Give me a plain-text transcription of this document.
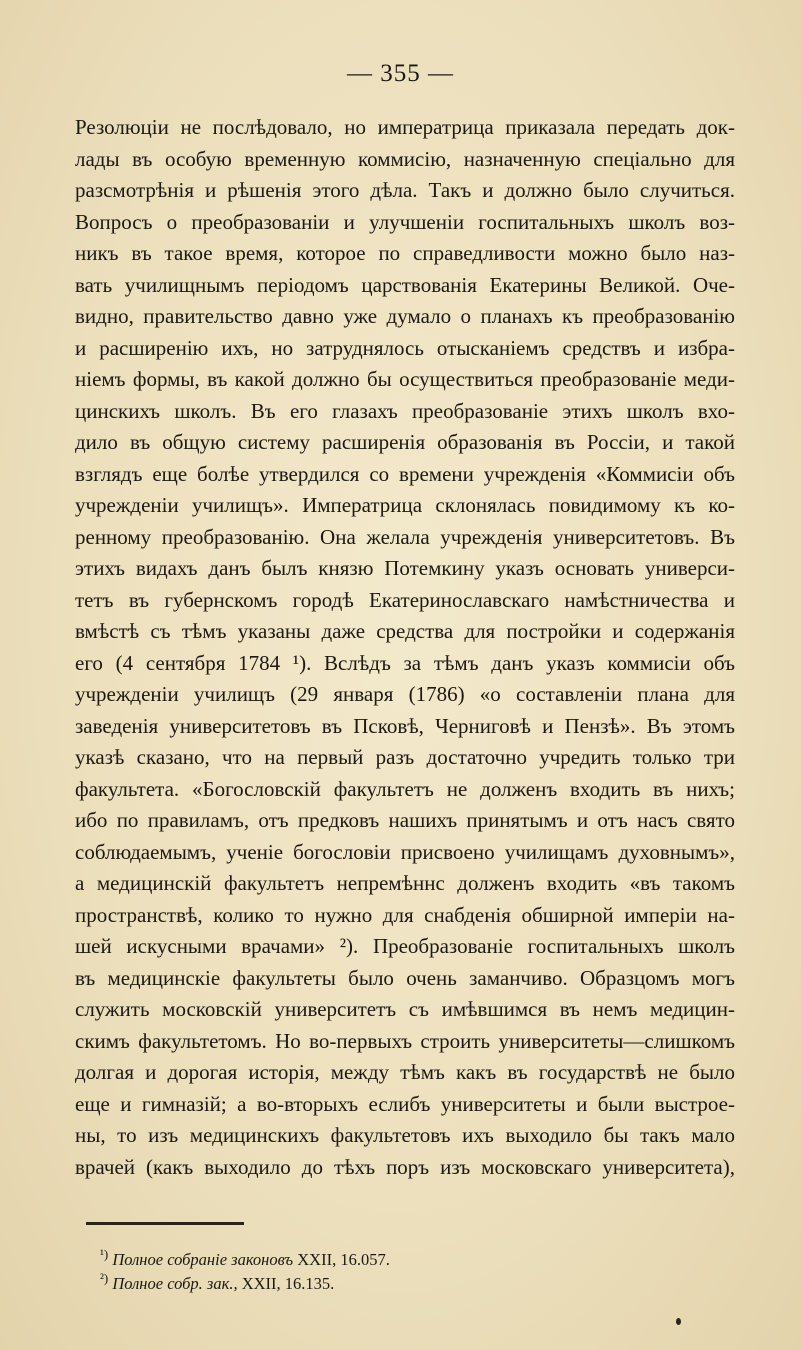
— 355 —
Резолюціи не послѣдовало, но императрица приказала передать док-
лады въ особую временную коммисію, назначенную спеціально для
разсмотрѣнія и рѣшенія этого дѣла. Такъ и должно было случиться.
Вопросъ о преобразованіи и улучшеніи госпитальныхъ школъ воз-
никъ въ такое время, которое по справедливости можно было наз-
вать училищнымъ періодомъ царствованія Екатерины Великой. Оче-
видно, правительство давно уже думало о планахъ къ преобразованію
и расширенію ихъ, но затруднялось отысканіемъ средствъ и избра-
ніемъ формы, въ какой должно бы осуществиться преобразованіе меди-
цинскихъ школъ. Въ его глазахъ преобразованіе этихъ школъ вхо-
дило въ общую систему расширенія образованія въ Россіи, и такой
взглядъ еще болѣе утвердился со времени учрежденія «Коммисіи объ
учрежденіи училищъ». Императрица склонялась повидимому къ ко-
ренному преобразованію. Она желала учрежденія университетовъ. Въ
этихъ видахъ данъ былъ князю Потемкину указъ основать универси-
тетъ въ губернскомъ городѣ Екатеринославскаго намѣстничества и
вмѣстѣ съ тѣмъ указаны даже средства для постройки и содержанія
его (4 сентября 1784 ¹). Вслѣдъ за тѣмъ данъ указъ коммисіи объ
учрежденіи училищъ (29 января (1786) «о составленіи плана для
заведенія университетовъ въ Псковѣ, Черниговѣ и Пензѣ». Въ этомъ
указѣ сказано, что на первый разъ достаточно учредить только три
факультета. «Богословскій факультетъ не долженъ входить въ нихъ;
ибо по правиламъ, отъ предковъ нашихъ принятымъ и отъ насъ свято
соблюдаемымъ, ученіе богословіи присвоено училищамъ духовнымъ»,
а медицинскій факультетъ непремѣннс долженъ входить «въ такомъ
пространствѣ, колико то нужно для снабденія обширной имперіи на-
шей искусными врачами» ²). Преобразованіе госпитальныхъ школъ
въ медицинскіе факультеты было очень заманчиво. Образцомъ могъ
служить московскій университетъ съ имѣвшимся въ немъ медицин-
скимъ факультетомъ. Но во-первыхъ строить университеты—слишкомъ
долгая и дорогая исторія, между тѣмъ какъ въ государствѣ не было
еще и гимназій; а во-вторыхъ еслибъ университеты и были выстрое-
ны, то изъ медицинскихъ факультетовъ ихъ выходило бы такъ мало
врачей (какъ выходило до тѣхъ поръ изъ московскаго университета),
$^{^1)}$ Полное собраніе законовъ XXII, 16.057.
$^{^2)}$ Полное собр. зак., XXII, 16.135.
